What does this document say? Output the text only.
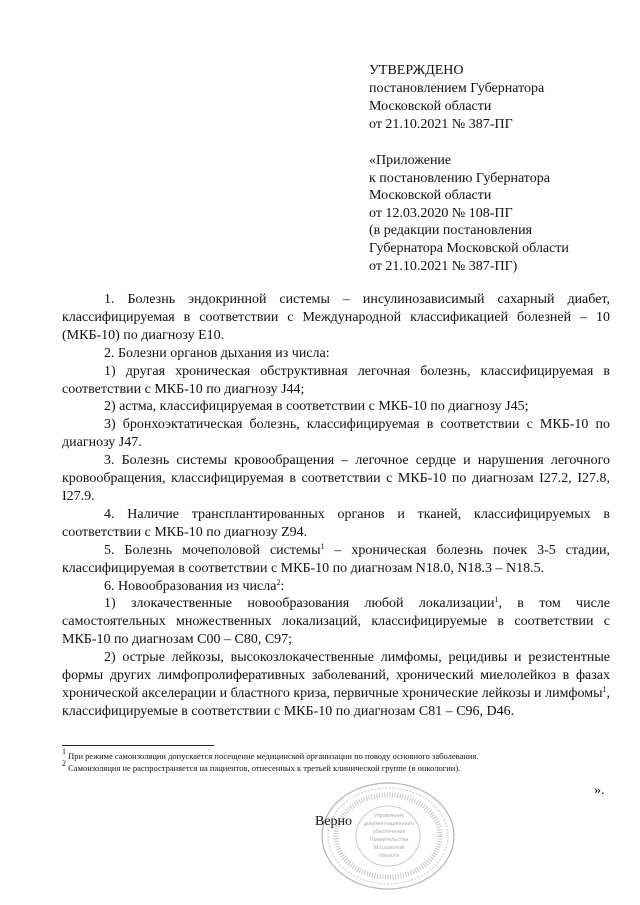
УТВЕРЖДЕНО
постановлением Губернатора
Московской области
от 21.10.2021 № 387-ПГ
«Приложение
к постановлению Губернатора
Московской области
от 12.03.2020 № 108-ПГ
(в редакции постановления
Губернатора Московской области
от 21.10.2021 № 387-ПГ)

1. Болезнь эндокринной системы – инсулинозависимый сахарный диабет, классифицируемая в соответствии с Международной классификацией болезней – 10 (МКБ-10) по диагнозу Е10.

2. Болезни органов дыхания из числа:

1) другая хроническая обструктивная легочная болезнь, классифицируемая в соответствии с МКБ-10 по диагнозу J44;

2) астма, классифицируемая в соответствии с МКБ-10 по диагнозу J45;

3) бронхоэктатическая болезнь, классифицируемая в соответствии с МКБ-10 по диагнозу J47.

3. Болезнь системы кровообращения – легочное сердце и нарушения легочного кровообращения, классифицируемая в соответствии с МКБ-10 по диагнозам I27.2, I27.8, I27.9.

4. Наличие трансплантированных органов и тканей, классифицируемых в соответствии с МКБ-10 по диагнозу Z94.

5. Болезнь мочеполовой системы$^1$ – хроническая болезнь почек 3-5 стадии, классифицируемая в соответствии с МКБ-10 по диагнозам N18.0, N18.3 – N18.5.

6. Новообразования из числа$^2$:

1) злокачественные новообразования любой локализации$^1$, в том числе самостоятельных множественных локализаций, классифицируемые в соответствии с МКБ-10 по диагнозам С00 – С80, С97;

2) острые лейкозы, высокозлокачественные лимфомы, рецидивы и резистентные формы других лимфопролиферативных заболеваний, хронический миелолейкоз в фазах хронической акселерации и бластного криза, первичные хронические лейкозы и лимфомы$^1$, классифицируемые в соответствии с МКБ-10 по диагнозам С81 – С96, D46.

$^1$ При режиме самоизоляции допускается посещение медицинской организации по поводу основного заболевания.
$^2$ Самоизоляция не распространяется на пациентов, отнесенных к третьей клинической группе (в онкологии).
».
Управление
документационного
обеспечения
Правительства
Московской
области
Верно
